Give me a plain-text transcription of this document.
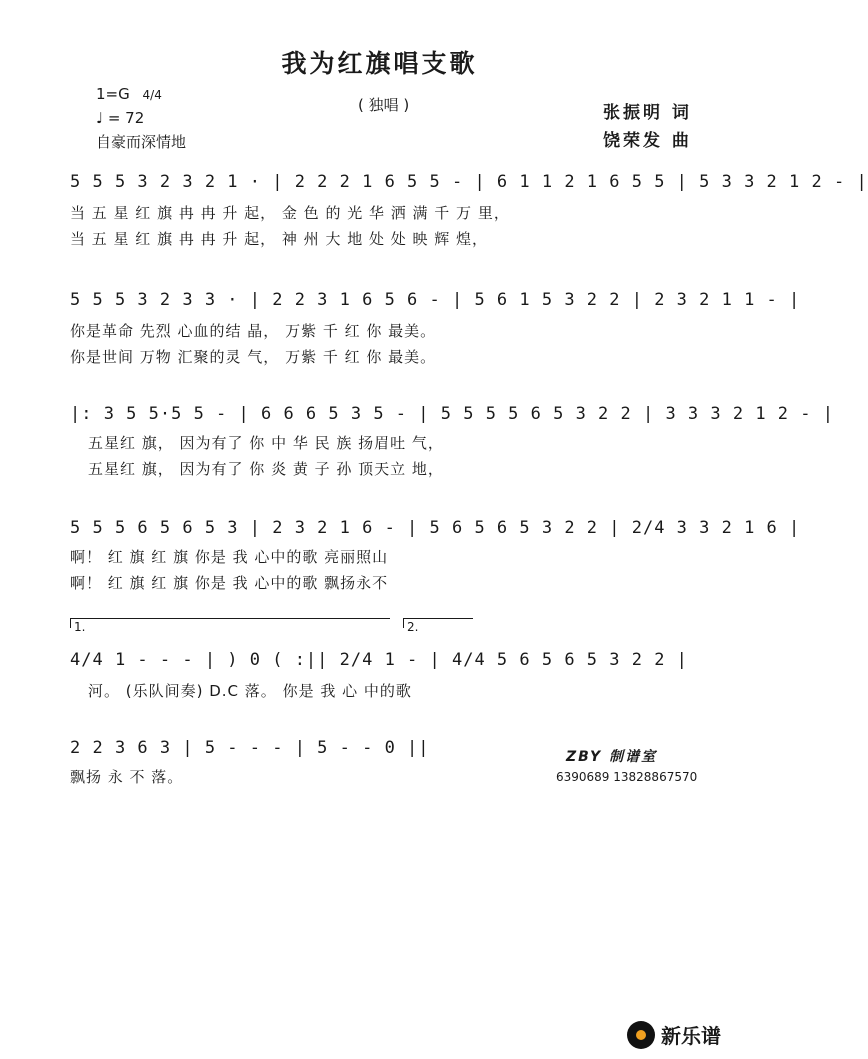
我为红旗唱支歌
1=G 4/4
♩ = 72
自豪而深情地
( 独唱 )	张振明 词
饶荣发 曲
5 5 5 3 2 3 2 1 · | 2 2 2 1 6 5 5 - | 6 1 1 2 1 6 5 5 | 5 3 3 2 1 2 - |
当 五 星 红 旗 冉 冉 升 起， 金 色 的 光 华 洒 满 千 万 里，
当 五 星 红 旗 冉 冉 升 起， 神 州 大 地 处 处 映 辉 煌，
5 5 5 3 2 3 3 · | 2 2 3 1 6 5 6 - | 5 6 1 5 3 2 2 | 2 3 2 1 1 - |
你是革命 先烈 心血的结 晶， 万紫 千 红 你 最美。
你是世间 万物 汇聚的灵 气， 万紫 千 红 你 最美。
|: 3 5 5·5 5 - | 6 6 6 5 3 5 - | 5 5 5 5 6 5 3 2 2 | 3 3 3 2 1 2 - |
五星红 旗， 因为有了 你 中 华 民 族 扬眉吐 气，
五星红 旗， 因为有了 你 炎 黄 子 孙 顶天立 地，
5 5 5 6 5 6 5 3 | 2 3 2 1 6 - | 5 6 5 6 5 3 2 2 | 2/4 3 3 2 1 6 |
啊！ 红 旗 红 旗 你是 我 心中的歌 亮丽照山
啊！ 红 旗 红 旗 你是 我 心中的歌 飘扬永不
1.	2.
4/4 1 - - - | ) 0 ( :|| 2/4 1 - | 4/4 5 6 5 6 5 3 2 2 |
河。 (乐队间奏) D.C 落。 你是 我 心 中的歌
2 2 3 6 3 | 5 - - - | 5 - - 0 ||
飘扬 永 不 落。
ZBY 制谱室
6390689 13828867570
新乐谱
